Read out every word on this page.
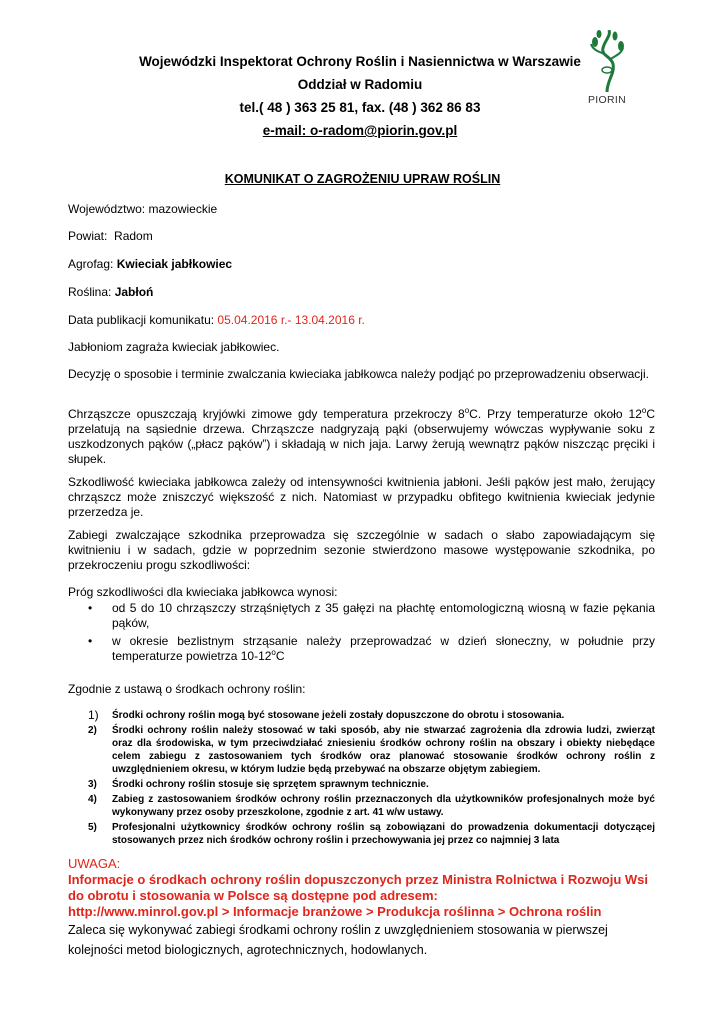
Wojewódzki Inspektorat Ochrony Roślin i Nasiennictwa w Warszawie
Oddział w Radomiu
tel.( 48 ) 363 25 81, fax. (48 ) 362 86 83
e-mail: o-radom@piorin.gov.pl
PIORIN
KOMUNIKAT O ZAGROŻENIU UPRAW ROŚLIN
Województwo: mazowieckie
Powiat: Radom
Agrofag: Kwieciak jabłkowiec
Roślina: Jabłoń
Data publikacji komunikatu: 05.04.2016 r.- 13.04.2016 r.
Jabłoniom zagraża kwieciak jabłkowiec.
Decyzję o sposobie i terminie zwalczania kwieciaka jabłkowca należy podjąć po przeprowadzeniu obserwacji.
Chrząszcze opuszczają kryjówki zimowe gdy temperatura przekroczy 8$^o$C. Przy temperaturze około 12$^o$C przelatują na sąsiednie drzewa. Chrząszcze nadgryzają pąki (obserwujemy wówczas wypływanie soku z uszkodzonych pąków („płacz pąków”) i składają w nich jaja. Larwy żerują wewnątrz pąków niszcząc pręciki i słupek.
Szkodliwość kwieciaka jabłkowca zależy od intensywności kwitnienia jabłoni. Jeśli pąków jest mało, żerujący chrząszcz może zniszczyć większość z nich. Natomiast w przypadku obfitego kwitnienia kwieciak jedynie przerzedza je.
Zabiegi zwalczające szkodnika przeprowadza się szczególnie w sadach o słabo zapowiadającym się kwitnieniu i w sadach, gdzie w poprzednim sezonie stwierdzono masowe występowanie szkodnika, po przekroczeniu progu szkodliwości:
Próg szkodliwości dla kwieciaka jabłkowca wynosi:
• od 5 do 10 chrząszczy strząśniętych z 35 gałęzi na płachtę entomologiczną wiosną w fazie pękania pąków,
• w okresie bezlistnym strząsanie należy przeprowadzać w dzień słoneczny, w południe przy temperaturze powietrza 10-12$^o$C
Zgodnie z ustawą o środkach ochrony roślin:
1) Środki ochrony roślin mogą być stosowane jeżeli zostały dopuszczone do obrotu i stosowania.
2) Środki ochrony roślin należy stosować w taki sposób, aby nie stwarzać zagrożenia dla zdrowia ludzi, zwierząt oraz dla środowiska, w tym przeciwdziałać zniesieniu środków ochrony roślin na obszary i obiekty niebędące celem zabiegu z zastosowaniem tych środków oraz planować stosowanie środków ochrony roślin z uwzględnieniem okresu, w którym ludzie będą przebywać na obszarze objętym zabiegiem.
3) Środki ochrony roślin stosuje się sprzętem sprawnym technicznie.
4) Zabieg z zastosowaniem środków ochrony roślin przeznaczonych dla użytkowników profesjonalnych może być wykonywany przez osoby przeszkolone, zgodnie z art. 41 w/w ustawy.
5) Profesjonalni użytkownicy środków ochrony roślin są zobowiązani do prowadzenia dokumentacji dotyczącej stosowanych przez nich środków ochrony roślin i przechowywania jej przez co najmniej 3 lata
UWAGA:
Informacje o środkach ochrony roślin dopuszczonych przez Ministra Rolnictwa i Rozwoju Wsi
do obrotu i stosowania w Polsce są dostępne pod adresem:
http://www.minrol.gov.pl > Informacje branżowe > Produkcja roślinna > Ochrona roślin
Zaleca się wykonywać zabiegi środkami ochrony roślin z uwzględnieniem stosowania w pierwszej kolejności metod biologicznych, agrotechnicznych, hodowlanych.
